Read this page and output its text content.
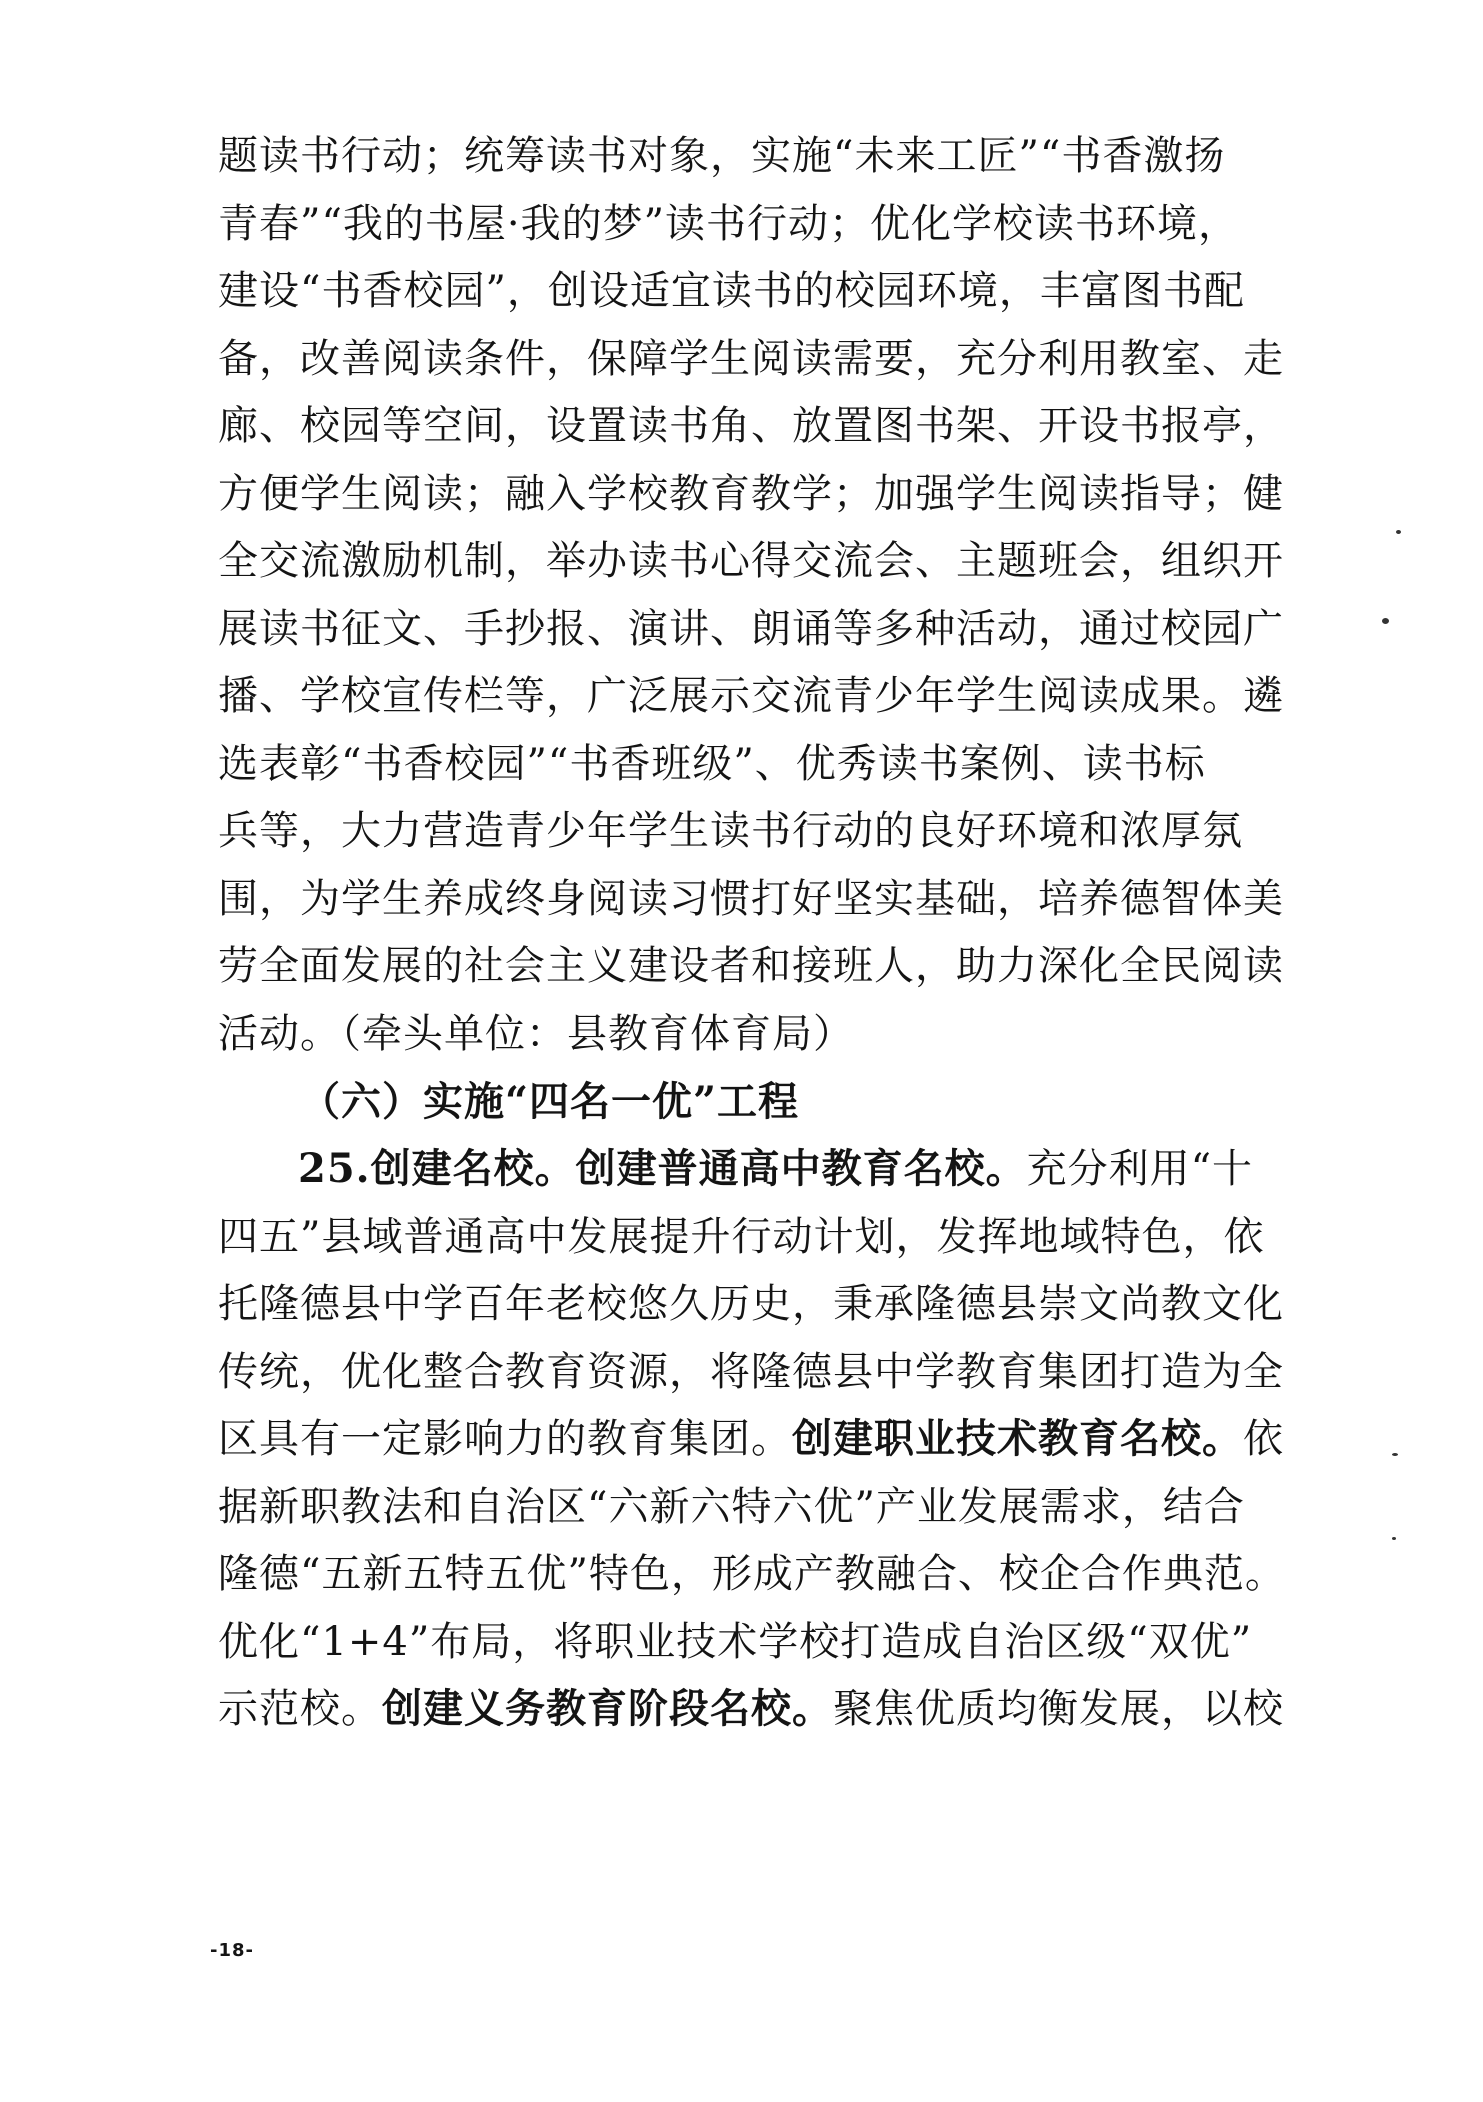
题读书行动；统筹读书对象，实施“未来工匠”“书香激扬
青春”“我的书屋·我的梦”读书行动；优化学校读书环境，
建设“书香校园”，创设适宜读书的校园环境，丰富图书配
备，改善阅读条件，保障学生阅读需要，充分利用教室、走
廊、校园等空间，设置读书角、放置图书架、开设书报亭，
方便学生阅读；融入学校教育教学；加强学生阅读指导；健
全交流激励机制，举办读书心得交流会、主题班会，组织开
展读书征文、手抄报、演讲、朗诵等多种活动，通过校园广
播、学校宣传栏等，广泛展示交流青少年学生阅读成果。遴
选表彰“书香校园”“书香班级”、优秀读书案例、读书标
兵等，大力营造青少年学生读书行动的良好环境和浓厚氛
围，为学生养成终身阅读习惯打好坚实基础，培养德智体美
劳全面发展的社会主义建设者和接班人，助力深化全民阅读
活动。（牵头单位：县教育体育局）
（六）实施“四名一优”工程
25.创建名校。创建普通高中教育名校。充分利用“十
四五”县域普通高中发展提升行动计划，发挥地域特色，依
托隆德县中学百年老校悠久历史，秉承隆德县崇文尚教文化
传统，优化整合教育资源，将隆德县中学教育集团打造为全
区具有一定影响力的教育集团。创建职业技术教育名校。依
据新职教法和自治区“六新六特六优”产业发展需求，结合
隆德“五新五特五优”特色，形成产教融合、校企合作典范。
优化“1+4”布局，将职业技术学校打造成自治区级“双优”
示范校。创建义务教育阶段名校。聚焦优质均衡发展，以校
-18-
